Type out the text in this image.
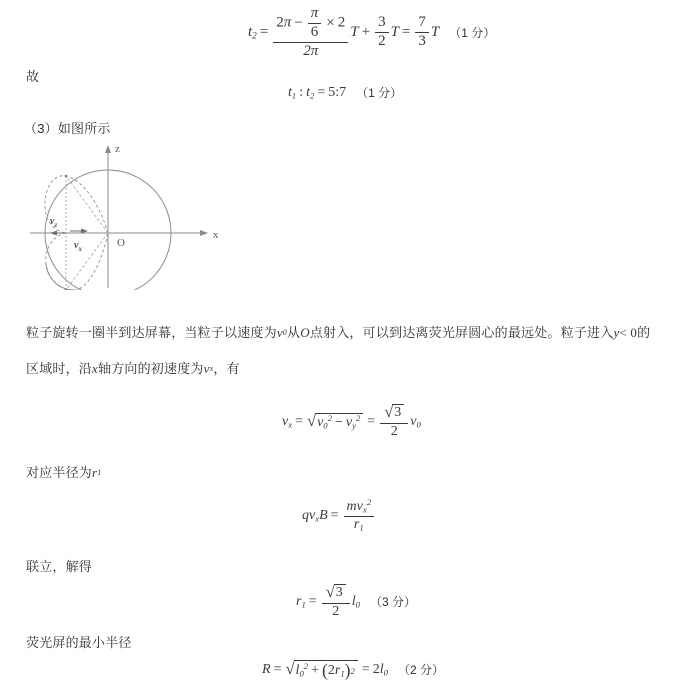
$t_2 = \frac{2\pi - \frac{\pi}{6} \times 2}{2\pi}$ $T + \frac{3}{2}$ $T = \frac{7}{3}$ T （1 分）
故
$t_1$ : $t_2$ = 5:7 （1 分）
（3）如图所示
z
x
O
$v_z$
$v_x$
粒子旋转一圈半到达屏幕，当粒子以速度为 v 0 从O点射入，可以到达离荧光屏圆心的最远处。粒子进入y< 0的
区域时，沿x轴方向的初速度为 v x ，有
$v_x$ = √ $v_0^2 - v_y^2 = \frac{√ 3}{2} v_0$
对应半径为 r 1
q $v_x$ $B = \frac{mv_x^2}{r_1}$
联立，解得
$r_1 = \frac{√ 3}{2} l_0$ （3 分）
荧光屏的最小半径
R = √ $l_0^2$ + ( 2 $r_1$ ) 2 = 2 $l_0$ （2 分）
